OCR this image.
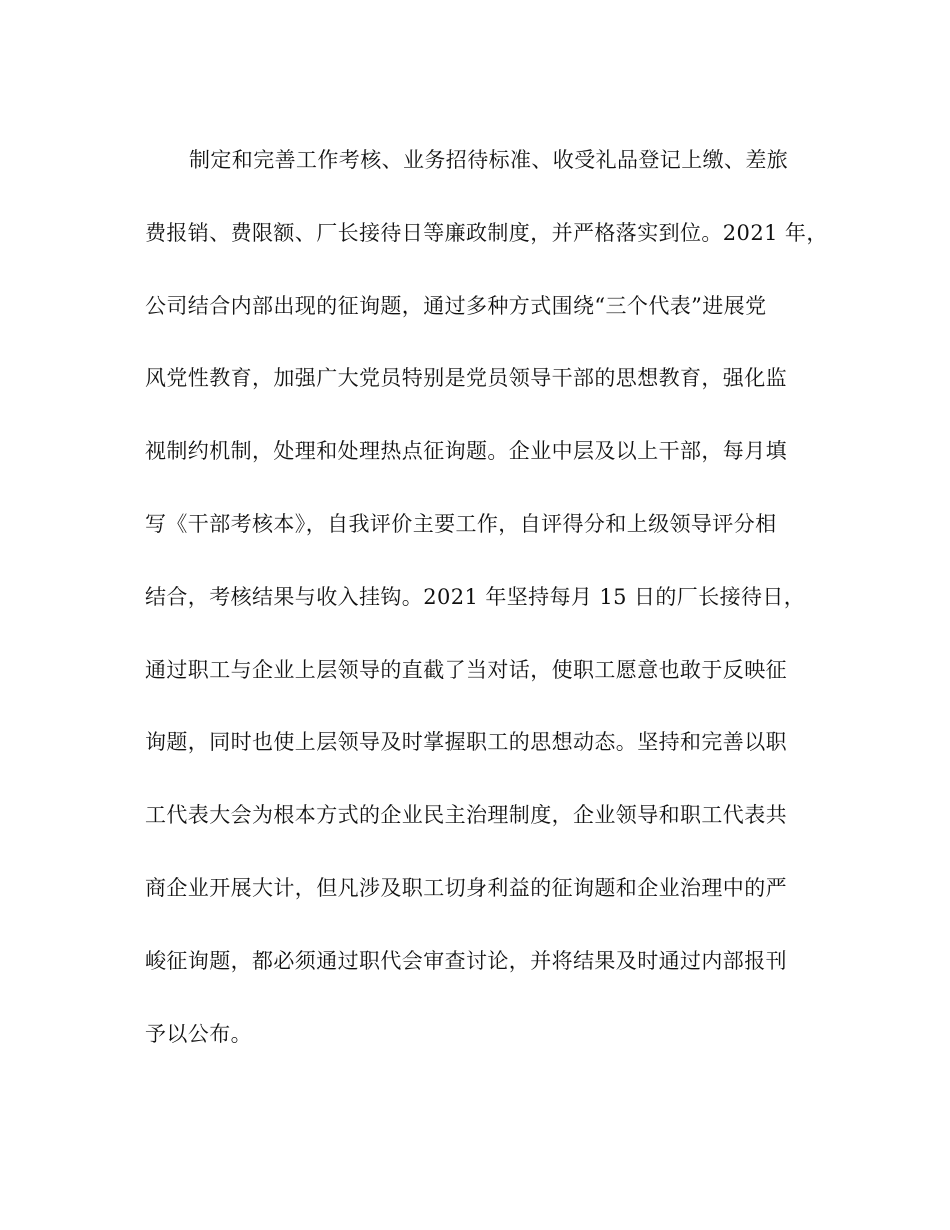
制定和完善工作考核、业务招待标准、收受礼品登记上缴、差旅
费报销、费限额、厂长接待日等廉政制度，并严格落实到位。2021 年，
公司结合内部出现的征询题，通过多种方式围绕“三个代表”进展党
风党性教育，加强广大党员特别是党员领导干部的思想教育，强化监
视制约机制，处理和处理热点征询题。企业中层及以上干部，每月填
写《干部考核本》，自我评价主要工作，自评得分和上级领导评分相
结合，考核结果与收入挂钩。2021 年坚持每月 15 日的厂长接待日，
通过职工与企业上层领导的直截了当对话，使职工愿意也敢于反映征
询题，同时也使上层领导及时掌握职工的思想动态。坚持和完善以职
工代表大会为根本方式的企业民主治理制度，企业领导和职工代表共
商企业开展大计，但凡涉及职工切身利益的征询题和企业治理中的严
峻征询题，都必须通过职代会审查讨论，并将结果及时通过内部报刊
予以公布。
